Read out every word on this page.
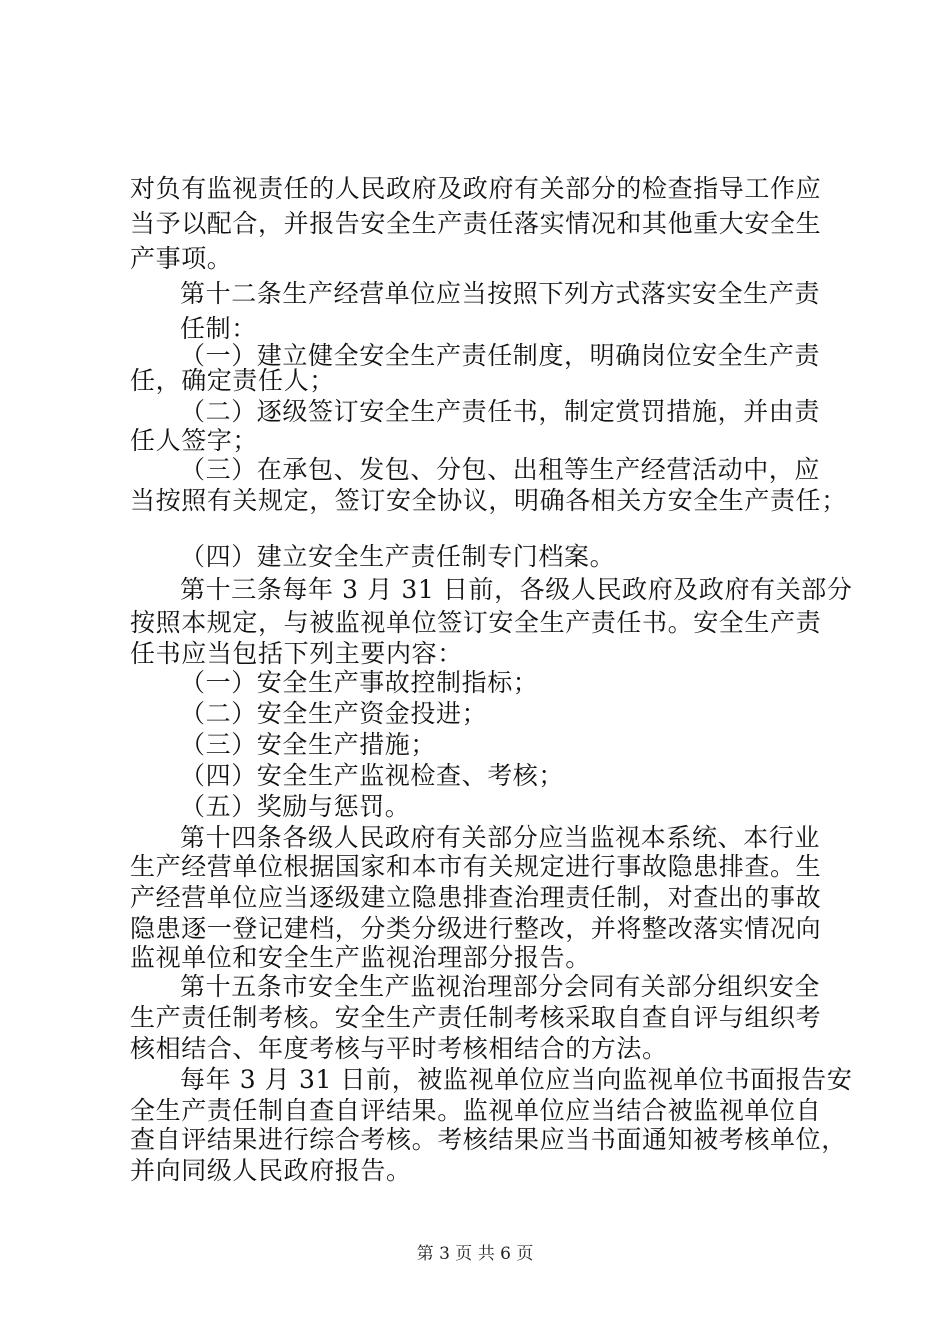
对负有监视责任的人民政府及政府有关部分的检查指导工作应
当予以配合，并报告安全生产责任落实情况和其他重大安全生
产事项。
第十二条生产经营单位应当按照下列方式落实安全生产责
任制：
（一）建立健全安全生产责任制度，明确岗位安全生产责
任，确定责任人；
（二）逐级签订安全生产责任书，制定赏罚措施，并由责
任人签字；
（三）在承包、发包、分包、出租等生产经营活动中，应
当按照有关规定，签订安全协议，明确各相关方安全生产责任；
（四）建立安全生产责任制专门档案。
第十三条每年 3 月 31 日前，各级人民政府及政府有关部分
按照本规定，与被监视单位签订安全生产责任书。安全生产责
任书应当包括下列主要内容：
（一）安全生产事故控制指标；
（二）安全生产资金投进；
（三）安全生产措施；
（四）安全生产监视检查、考核；
（五）奖励与惩罚。
第十四条各级人民政府有关部分应当监视本系统、本行业
生产经营单位根据国家和本市有关规定进行事故隐患排查。生
产经营单位应当逐级建立隐患排查治理责任制，对查出的事故
隐患逐一登记建档，分类分级进行整改，并将整改落实情况向
监视单位和安全生产监视治理部分报告。
第十五条市安全生产监视治理部分会同有关部分组织安全
生产责任制考核。安全生产责任制考核采取自查自评与组织考
核相结合、年度考核与平时考核相结合的方法。
每年 3 月 31 日前，被监视单位应当向监视单位书面报告安
全生产责任制自查自评结果。监视单位应当结合被监视单位自
查自评结果进行综合考核。考核结果应当书面通知被考核单位，
并向同级人民政府报告。
第 3 页 共 6 页
